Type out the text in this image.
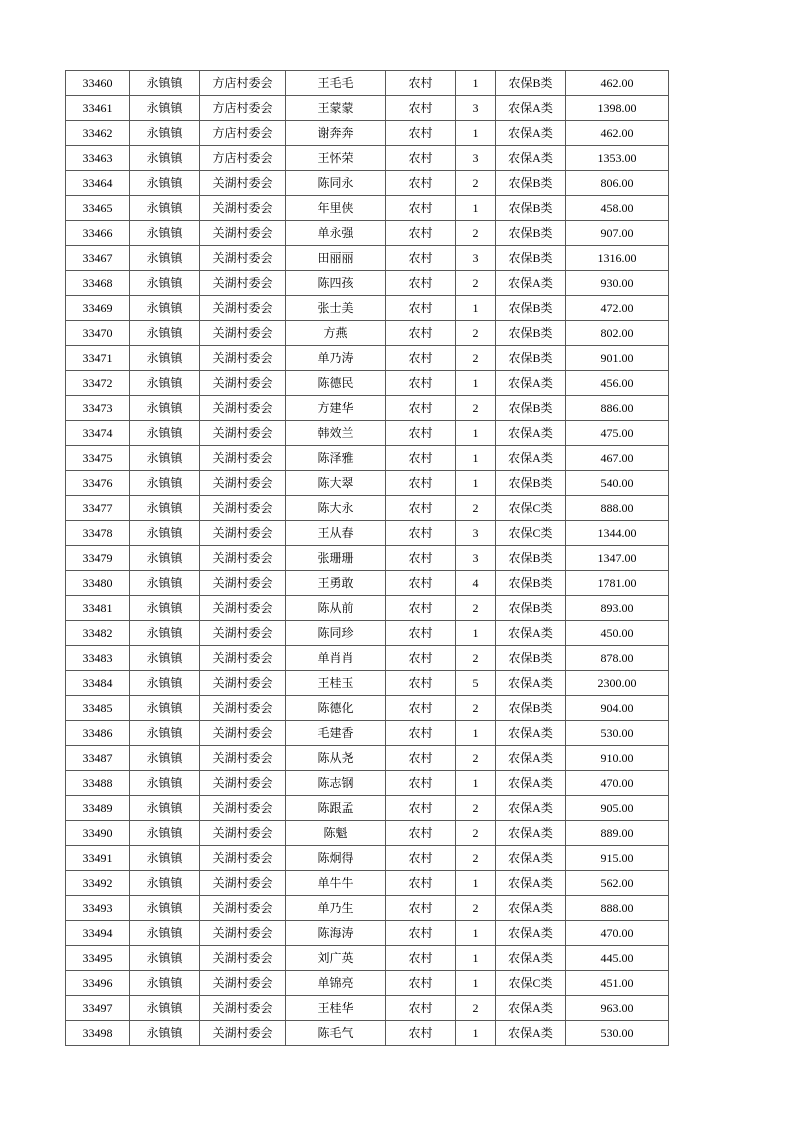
33460	永镇镇	方店村委会	王毛毛	农村	1	农保B类	462.00
33461	永镇镇	方店村委会	王蒙蒙	农村	3	农保A类	1398.00
33462	永镇镇	方店村委会	谢奔奔	农村	1	农保A类	462.00
33463	永镇镇	方店村委会	王怀荣	农村	3	农保A类	1353.00
33464	永镇镇	关湖村委会	陈同永	农村	2	农保B类	806.00
33465	永镇镇	关湖村委会	年里侠	农村	1	农保B类	458.00
33466	永镇镇	关湖村委会	单永强	农村	2	农保B类	907.00
33467	永镇镇	关湖村委会	田丽丽	农村	3	农保B类	1316.00
33468	永镇镇	关湖村委会	陈四孩	农村	2	农保A类	930.00
33469	永镇镇	关湖村委会	张士美	农村	1	农保B类	472.00
33470	永镇镇	关湖村委会	方燕	农村	2	农保B类	802.00
33471	永镇镇	关湖村委会	单乃涛	农村	2	农保B类	901.00
33472	永镇镇	关湖村委会	陈德民	农村	1	农保A类	456.00
33473	永镇镇	关湖村委会	方建华	农村	2	农保B类	886.00
33474	永镇镇	关湖村委会	韩效兰	农村	1	农保A类	475.00
33475	永镇镇	关湖村委会	陈泽雅	农村	1	农保A类	467.00
33476	永镇镇	关湖村委会	陈大翠	农村	1	农保B类	540.00
33477	永镇镇	关湖村委会	陈大永	农村	2	农保C类	888.00
33478	永镇镇	关湖村委会	王从春	农村	3	农保C类	1344.00
33479	永镇镇	关湖村委会	张珊珊	农村	3	农保B类	1347.00
33480	永镇镇	关湖村委会	王勇敢	农村	4	农保B类	1781.00
33481	永镇镇	关湖村委会	陈从前	农村	2	农保B类	893.00
33482	永镇镇	关湖村委会	陈同珍	农村	1	农保A类	450.00
33483	永镇镇	关湖村委会	单肖肖	农村	2	农保B类	878.00
33484	永镇镇	关湖村委会	王桂玉	农村	5	农保A类	2300.00
33485	永镇镇	关湖村委会	陈德化	农村	2	农保B类	904.00
33486	永镇镇	关湖村委会	毛建香	农村	1	农保A类	530.00
33487	永镇镇	关湖村委会	陈从尧	农村	2	农保A类	910.00
33488	永镇镇	关湖村委会	陈志钢	农村	1	农保A类	470.00
33489	永镇镇	关湖村委会	陈跟孟	农村	2	农保A类	905.00
33490	永镇镇	关湖村委会	陈魁	农村	2	农保A类	889.00
33491	永镇镇	关湖村委会	陈炯得	农村	2	农保A类	915.00
33492	永镇镇	关湖村委会	单牛牛	农村	1	农保A类	562.00
33493	永镇镇	关湖村委会	单乃生	农村	2	农保A类	888.00
33494	永镇镇	关湖村委会	陈海涛	农村	1	农保A类	470.00
33495	永镇镇	关湖村委会	刘广英	农村	1	农保A类	445.00
33496	永镇镇	关湖村委会	单锦亮	农村	1	农保C类	451.00
33497	永镇镇	关湖村委会	王桂华	农村	2	农保A类	963.00
33498	永镇镇	关湖村委会	陈毛气	农村	1	农保A类	530.00
